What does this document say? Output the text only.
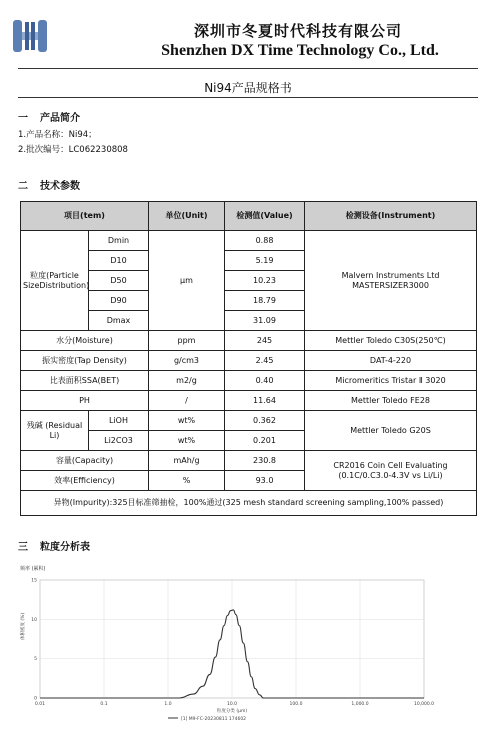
深圳市冬夏时代科技有限公司
Shenzhen DX Time Technology Co., Ltd.
Ni94产品规格书
一 产品简介
1.产品名称：Ni94；
2.批次编号：LC062230808
二 技术参数
项目(tem)		单位(Unit)	检测值(Value)	检测设备(Instrument)
粒度(Particle SizeDistribution)	Dmin	μm	0.88	Malvern Instruments Ltd MASTERSIZER3000
	D10		5.19	
	D50		10.23	
	D90		18.79	
	Dmax		31.09	
水分(Moisture)		ppm	245	Mettler Toledo C30S(250℃)
振实密度(Tap Density)		g/cm3	2.45	DAT-4-220
比表面积SSA(BET)		m2/g	0.40	Micromeritics Tristar Ⅱ 3020
PH		/	11.64	Mettler Toledo FE28
残碱 (Residual Li)	LiOH	wt%	0.362	Mettler Toledo G20S
	Li2CO3	wt%	0.201	
容量(Capacity)		mAh/g	230.8	CR2016 Coin Cell Evaluating (0.1C/0.C3.0-4.3V vs Li/Li)
效率(Efficiency)		%	93.0	
异物(Impurity):325目标准筛抽检，100%通过(325 mesh standard screening sampling,100% passed)				
三 粒度分析表
频率 (累积)
0
5
10
15
0.01	0.1	1.0	10.0	100.0	1,000.0	10,000.0
体积密度 (%)
粒度分类 (μm)
[1] M9-FC-20230811 174602
